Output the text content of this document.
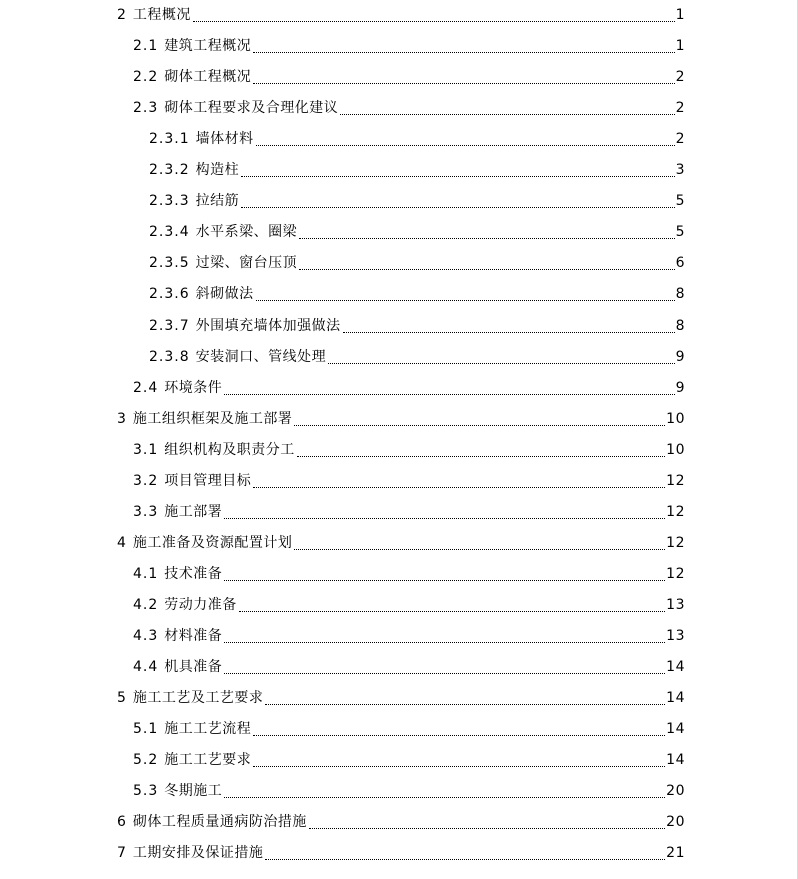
2 工程概况	1
2.1 建筑工程概况	1
2.2 砌体工程概况	2
2.3 砌体工程要求及合理化建议	2
2.3.1 墙体材料	2
2.3.2 构造柱	3
2.3.3 拉结筋	5
2.3.4 水平系梁、圈梁	5
2.3.5 过梁、窗台压顶	6
2.3.6 斜砌做法	8
2.3.7 外围填充墙体加强做法	8
2.3.8 安装洞口、管线处理	9
2.4 环境条件	9
3 施工组织框架及施工部署	10
3.1 组织机构及职责分工	10
3.2 项目管理目标	12
3.3 施工部署	12
4 施工准备及资源配置计划	12
4.1 技术准备	12
4.2 劳动力准备	13
4.3 材料准备	13
4.4 机具准备	14
5 施工工艺及工艺要求	14
5.1 施工工艺流程	14
5.2 施工工艺要求	14
5.3 冬期施工	20
6 砌体工程质量通病防治措施	20
7 工期安排及保证措施	21
